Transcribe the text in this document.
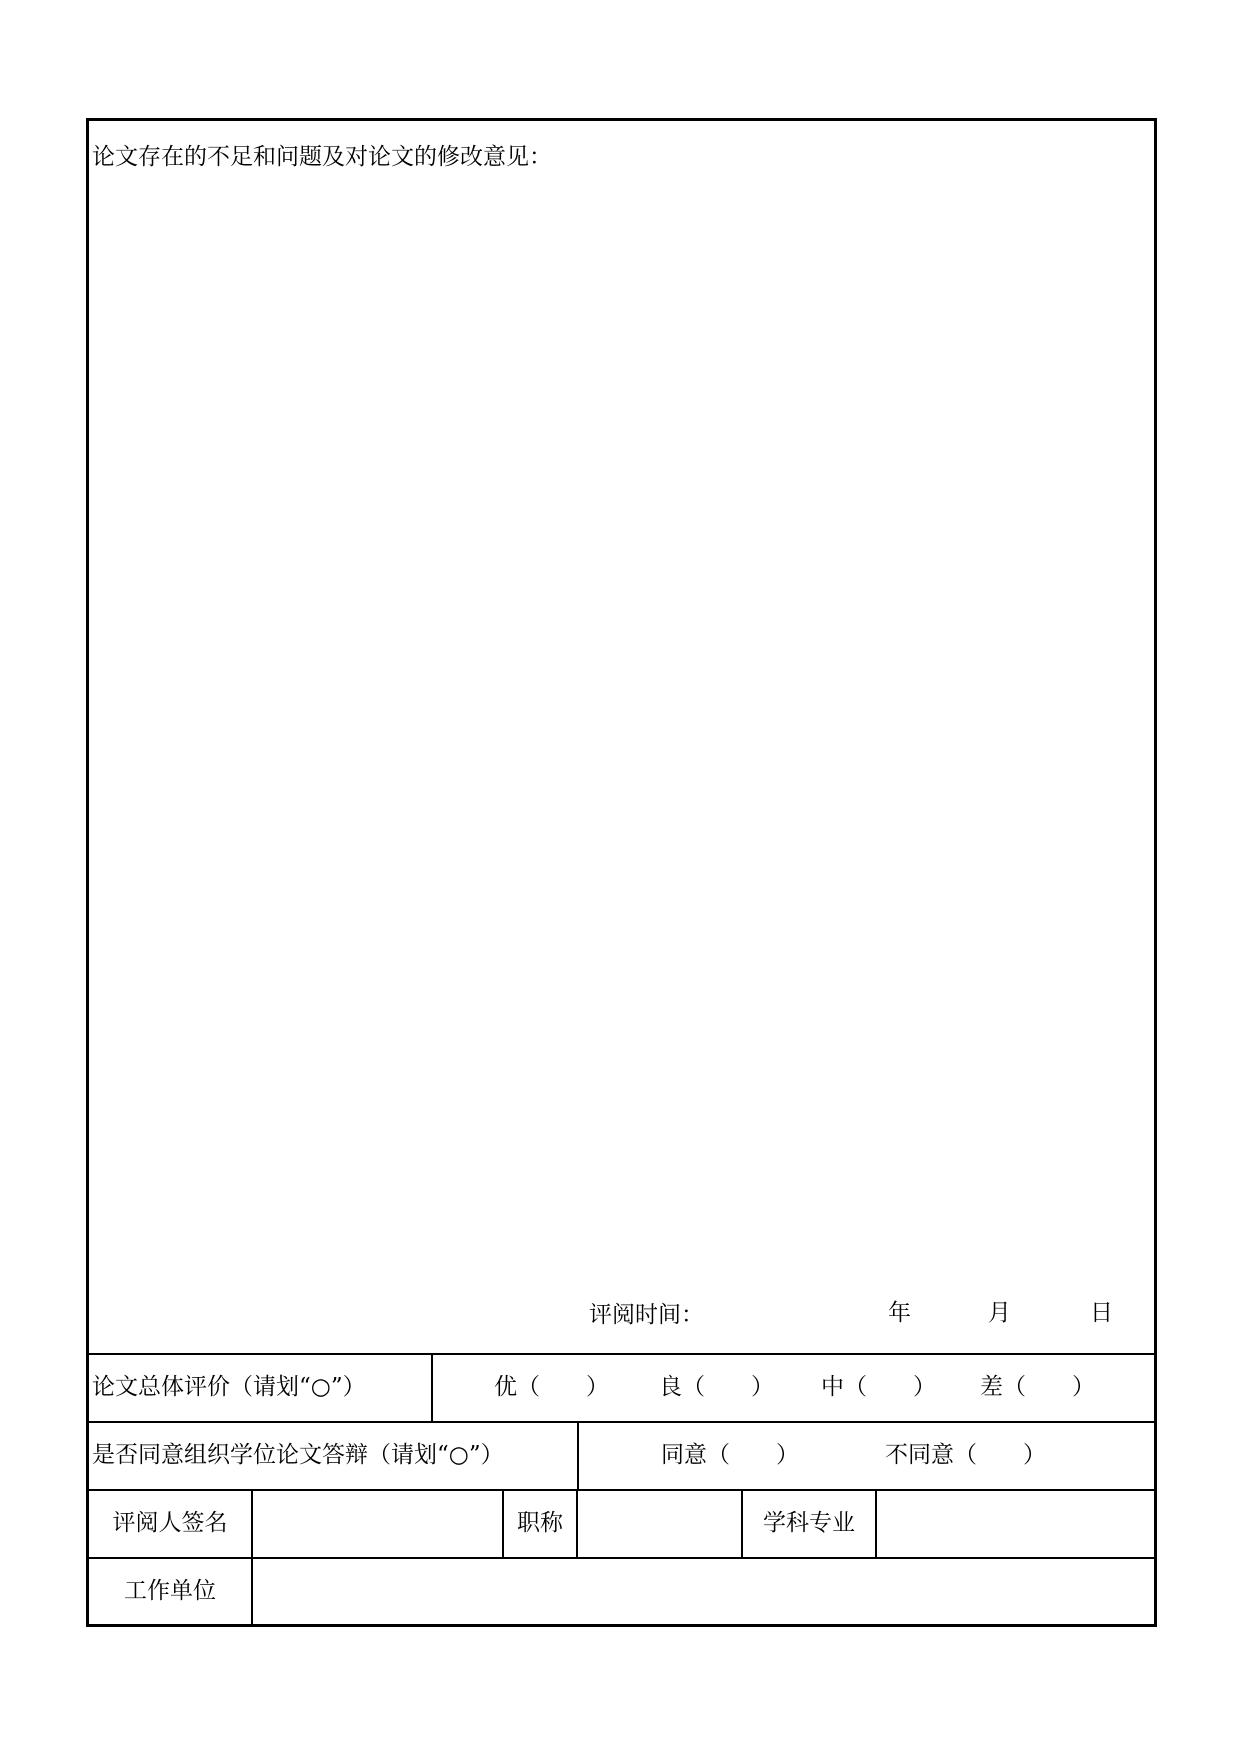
论文存在的不足和问题及对论文的修改意见：
评阅时间：	年	月	日
论文总体评价（请划“○”）	优（　　） 良（　　） 中（　　） 差（　　）
是否同意组织学位论文答辩（请划“○”）	同意（　　）	不同意（　　）
评阅人签名	职称	学科专业
工作单位
